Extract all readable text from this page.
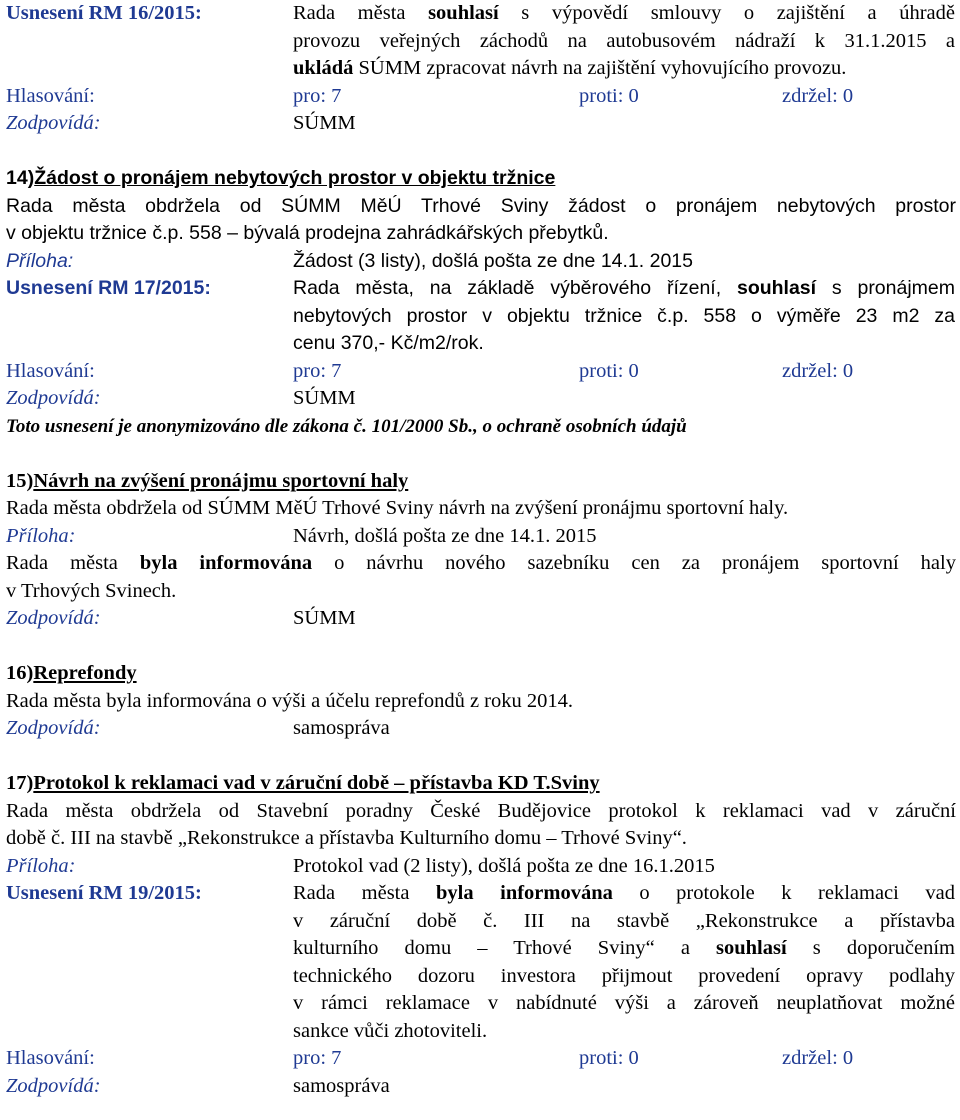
Usnesení RM 16/2015:	Rada města souhlasí s výpovědí smlouvy o zajištění a úhradě
provozu veřejných záchodů na autobusovém nádraží k 31.1.2015 a
ukládá SÚMM zpracovat návrh na zajištění vyhovujícího provozu.
Hlasování:	pro: 7	proti: 0	zdržel: 0
Zodpovídá:	SÚMM
14)Žádost o pronájem nebytových prostor v objektu tržnice
Rada města obdržela od SÚMM MěÚ Trhové Sviny žádost o pronájem nebytových prostor
v objektu tržnice č.p. 558 – bývalá prodejna zahrádkářských přebytků.
Příloha:	Žádost (3 listy), došlá pošta ze dne 14.1. 2015
Usnesení RM 17/2015:	Rada města, na základě výběrového řízení, souhlasí s pronájmem
nebytových prostor v objektu tržnice č.p. 558 o výměře 23 m2 za
cenu 370,- Kč/m2/rok.
Hlasování:	pro: 7	proti: 0	zdržel: 0
Zodpovídá:	SÚMM
Toto usnesení je anonymizováno dle zákona č. 101/2000 Sb., o ochraně osobních údajů
15)Návrh na zvýšení pronájmu sportovní haly
Rada města obdržela od SÚMM MěÚ Trhové Sviny návrh na zvýšení pronájmu sportovní haly.
Příloha:	Návrh, došlá pošta ze dne 14.1. 2015
Rada města byla informována o návrhu nového sazebníku cen za pronájem sportovní haly
v Trhových Svinech.
Zodpovídá:	SÚMM
16)Reprefondy
Rada města byla informována o výši a účelu reprefondů z roku 2014.
Zodpovídá:	samospráva
17)Protokol k reklamaci vad v záruční době – přístavba KD T.Sviny
Rada města obdržela od Stavební poradny České Budějovice protokol k reklamaci vad v záruční
době č. III na stavbě „Rekonstrukce a přístavba Kulturního domu – Trhové Sviny“.
Příloha:	Protokol vad (2 listy), došlá pošta ze dne 16.1.2015
Usnesení RM 19/2015:	Rada města byla informována o protokole k reklamaci vad
v záruční době č. III na stavbě „Rekonstrukce a přístavba
kulturního domu – Trhové Sviny“ a souhlasí s doporučením
technického dozoru investora přijmout provedení opravy podlahy
v rámci reklamace v nabídnuté výši a zároveň neuplatňovat možné
sankce vůči zhotoviteli.
Hlasování:	pro: 7	proti: 0	zdržel: 0
Zodpovídá:	samospráva
